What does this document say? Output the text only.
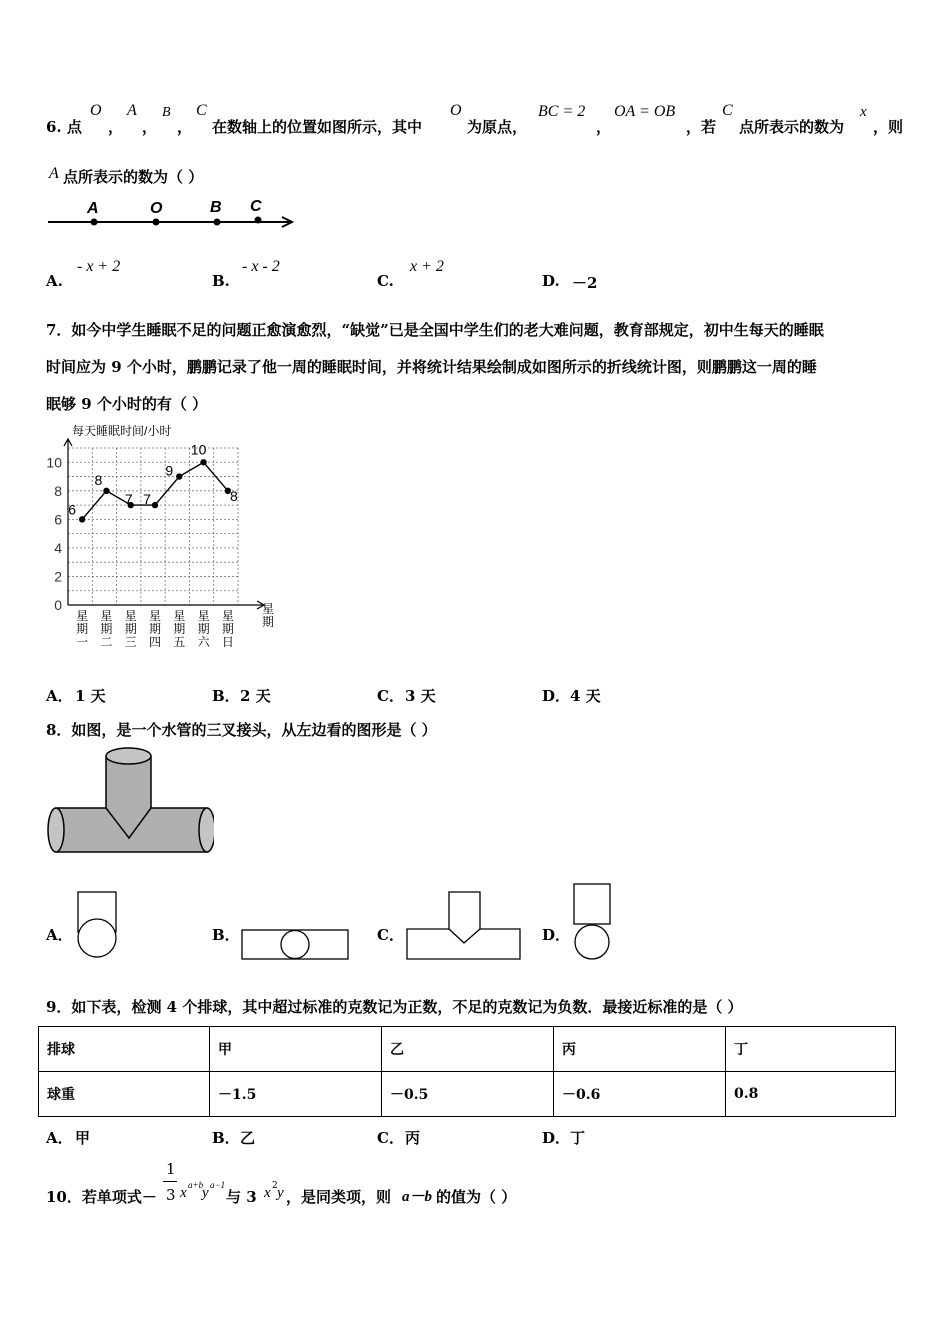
6. 点
O
，
A
，
B
，
C
在数轴上的位置如图所示，其中
O
为原点，
BC = 2
，
OA = OB
，若
C
点所表示的数为
x
，则
A 点所表示的数为（ ）
A	O	B C
A.
- x + 2
B.
- x - 2
C.
x + 2
D. －2
7．如今中学生睡眠不足的问题正愈演愈烈，“缺觉”已是全国中学生们的老大难问题，教育部规定，初中生每天的睡眠
时间应为 9 个小时，鹏鹏记录了他一周的睡眠时间，并将统计结果绘制成如图所示的折线统计图，则鹏鹏这一周的睡
眠够 9 个小时的有（ ）
0
2
4
6
8
10
星
期
一
星
期
二
星
期
三
星
期
四
星
期
五
星
期
六
星
期
日
星
期
6
8
7 7
9
10
8
每天睡眠时间/小时
A． 1 天	B． 2 天	C． 3 天	D． 4 天
8．如图，是一个水管的三叉接头，从左边看的图形是（ ）
A．	B．	C．	D．
9．如下表，检测 4 个排球，其中超过标准的克数记为正数，不足的克数记为负数．最接近标准的是（ ）
排球	甲	乙	丙	丁
球重	－1.5	－0.5	－0.6	0.8
A． 甲	B． 乙	C． 丙	D． 丁
10．若单项式－
1
3 x a+b
y a−1
与 3 x 2 y ，是同类项，则 a－b 的值为（ ）
